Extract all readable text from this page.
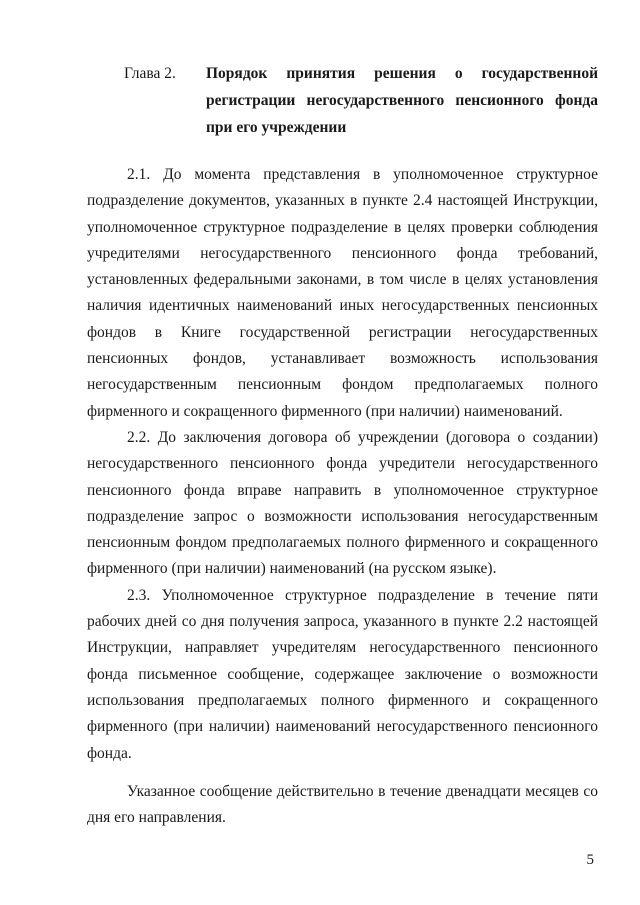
Глава 2. Порядок принятия решения о государственной
регистрации негосударственного пенсионного фонда при его учреждении

2.1. До момента представления в уполномоченное структурное подразделение документов, указанных в пункте 2.4 настоящей Инструкции, уполномоченное структурное подразделение в целях проверки соблюдения учредителями негосударственного пенсионного фонда требований, установленных федеральными законами, в том числе в целях установления наличия идентичных наименований иных негосударственных пенсионных фондов в Книге государственной регистрации негосударственных пенсионных фондов, устанавливает возможность использования негосударственным пенсионным фондом предполагаемых полного фирменного и сокращенного фирменного (при наличии) наименований.

2.2. До заключения договора об учреждении (договора о создании) негосударственного пенсионного фонда учредители негосударственного пенсионного фонда вправе направить в уполномоченное структурное подразделение запрос о возможности использования негосударственным пенсионным фондом предполагаемых полного фирменного и сокращенного фирменного (при наличии) наименований (на русском языке).

2.3. Уполномоченное структурное подразделение в течение пяти рабочих дней со дня получения запроса, указанного в пункте 2.2 настоящей Инструкции, направляет учредителям негосударственного пенсионного фонда письменное сообщение, содержащее заключение о возможности использования предполагаемых полного фирменного и сокращенного фирменного (при наличии) наименований негосударственного пенсионного фонда.

Указанное сообщение действительно в течение двенадцати месяцев со дня его направления.

5
